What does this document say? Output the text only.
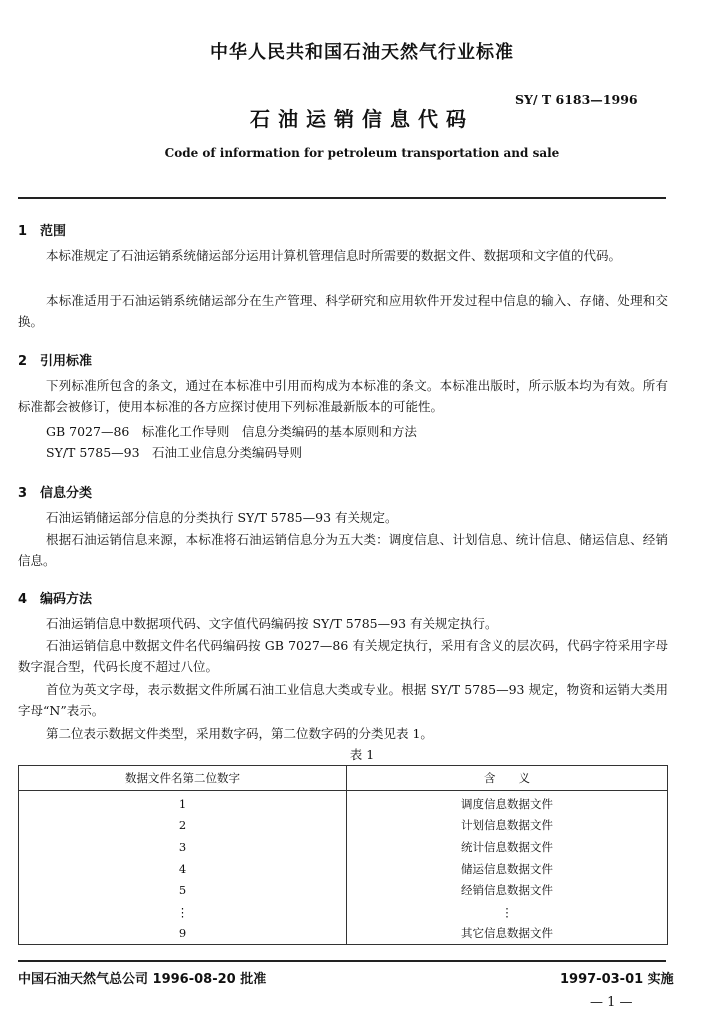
中华人民共和国石油天然气行业标准
SY/ T 6183—1996
石油运销信息代码
Code of information for petroleum transportation and sale
1 范围
本标准规定了石油运销系统储运部分运用计算机管理信息时所需要的数据文件、数据项和文字值的代码。
本标准适用于石油运销系统储运部分在生产管理、科学研究和应用软件开发过程中信息的输入、存储、处理和交换。
2 引用标准
下列标准所包含的条文，通过在本标准中引用而构成为本标准的条文。本标准出版时，所示版本均为有效。所有标准都会被修订，使用本标准的各方应探讨使用下列标准最新版本的可能性。
GB 7027—86　标准化工作导则　信息分类编码的基本原则和方法
SY/T 5785—93　石油工业信息分类编码导则
3 信息分类
石油运销储运部分信息的分类执行 SY/T 5785—93 有关规定。
根据石油运销信息来源，本标准将石油运销信息分为五大类：调度信息、计划信息、统计信息、储运信息、经销信息。
4 编码方法
石油运销信息中数据项代码、文字值代码编码按 SY/T 5785—93 有关规定执行。
石油运销信息中数据文件名代码编码按 GB 7027—86 有关规定执行，采用有含义的层次码，代码字符采用字母数字混合型，代码长度不超过八位。
首位为英文字母，表示数据文件所属石油工业信息大类或专业。根据 SY/T 5785—93 规定，物资和运销大类用字母“N”表示。
第二位表示数据文件类型，采用数字码，第二位数字码的分类见表 1。
表 1
数据文件名第二位数字	含　　义
1	调度信息数据文件
2	计划信息数据文件
3	统计信息数据文件
4	储运信息数据文件
5	经销信息数据文件
⋮	⋮
9	其它信息数据文件
中国石油天然气总公司 1996-08-20 批准	1997-03-01 实施
— 1 —
